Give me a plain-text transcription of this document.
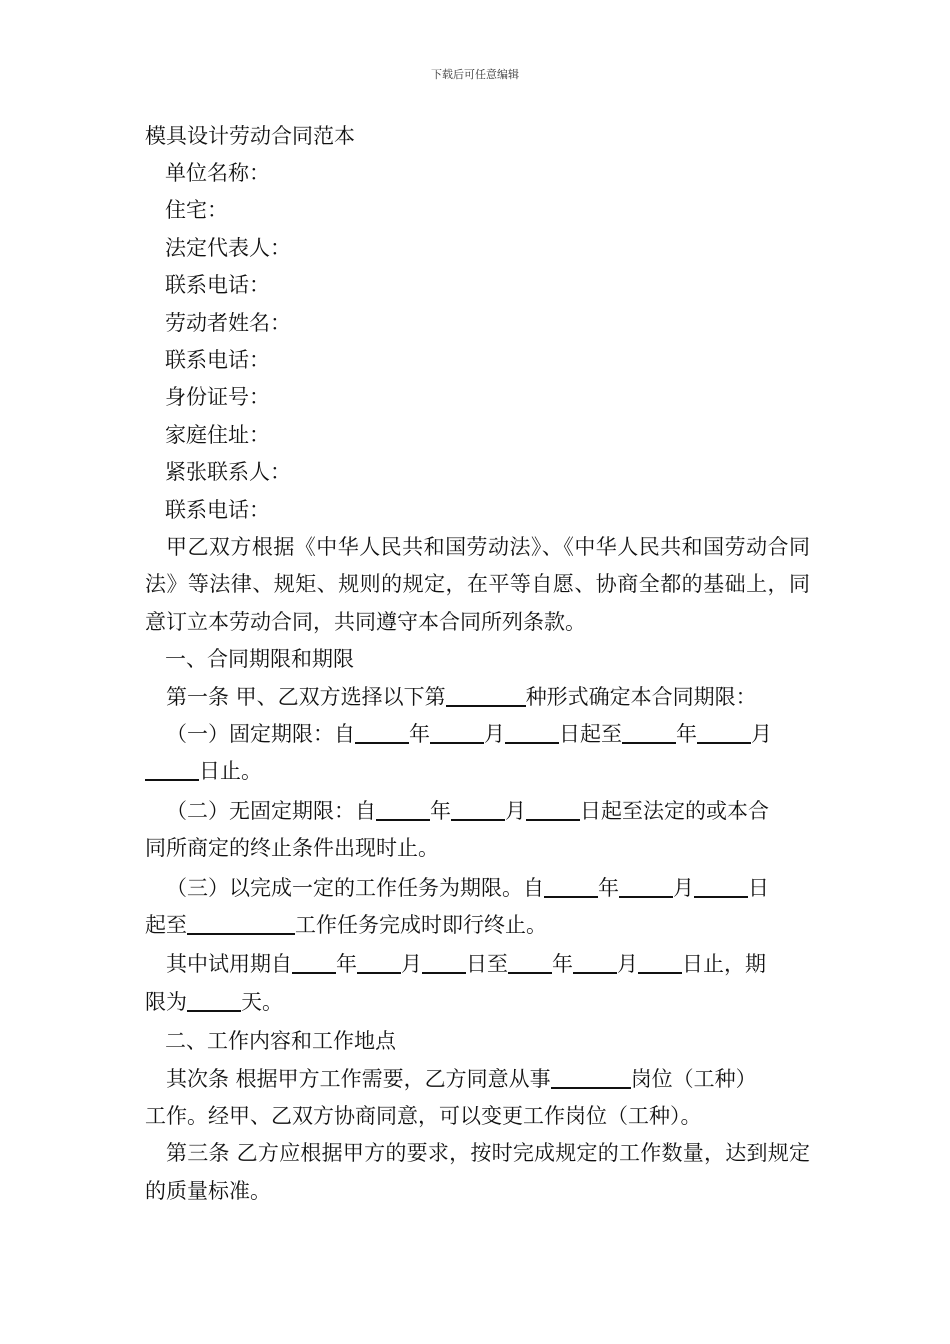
下载后可任意编辑
模具设计劳动合同范本
单位名称：
住宅：
法定代表人：
联系电话：
劳动者姓名：
联系电话：
身份证号：
家庭住址：
紧张联系人：
联系电话：

甲乙双方根据《中华人民共和国劳动法》、《中华人民共和国劳动合同法》等法律、规矩、规则的规定，在平等自愿、协商全都的基础上，同意订立本劳动合同，共同遵守本合同所列条款。

一、合同期限和期限

第一条 甲、乙双方选择以下第	种形式确定本合同期限：

（一）固定期限：自	年	月	日起至	年	月

日止。

（二）无固定期限：自	年	月	日起至法定的或本合

同所商定的终止条件出现时止。

（三）以完成一定的工作任务为期限。自	年	月	日

起至	工作任务完成时即行终止。

其中试用期自 年 月 日至 年 月 日止，期

限为	天。

二、工作内容和工作地点

其次条 根据甲方工作需要，乙方同意从事	岗位（工种）

工作。经甲、乙双方协商同意，可以变更工作岗位（工种）。

第三条 乙方应根据甲方的要求，按时完成规定的工作数量，达到规定的质量标准。
